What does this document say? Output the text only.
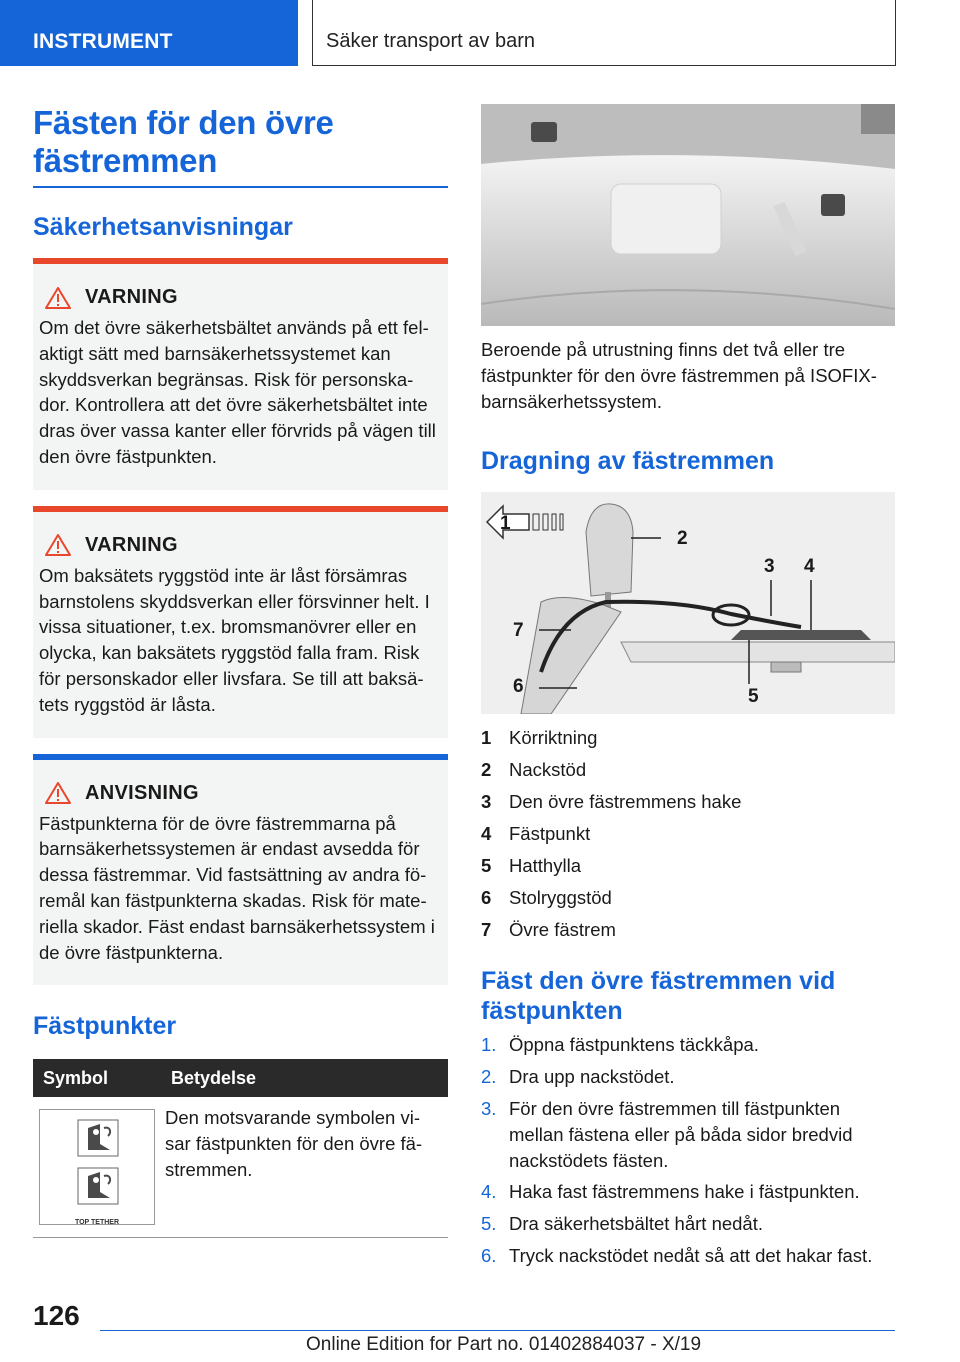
INSTRUMENT	Säker transport av barn
Fästen för den övre fästremmen
Säkerhetsanvisningar
VARNING
Om det övre säkerhetsbältet används på ett fel-aktigt sätt med barnsäkerhetssystemet kan skyddsverkan begränsas. Risk för personska-dor. Kontrollera att det övre säkerhetsbältet inte dras över vassa kanter eller förvrids på vägen till den övre fästpunkten.
VARNING
Om baksätets ryggstöd inte är låst försämras barnstolens skyddsverkan eller försvinner helt. I vissa situationer, t.ex. bromsmanövrer eller en olycka, kan baksätets ryggstöd falla fram. Risk för personskador eller livsfara. Se till att baksä-tets ryggstöd är låsta.
ANVISNING
Fästpunkterna för de övre fästremmarna på barnsäkerhetssystemen är endast avsedda för dessa fästremmar. Vid fastsättning av andra fö-remål kan fästpunkterna skadas. Risk för mate-riella skador. Fäst endast barnsäkerhetssystem i de övre fästpunkterna.
Fästpunkter
Symbol	Betydelse

TOP TETHER	Den motsvarande symbolen vi-sar fästpunkten för den övre fä-stremmen.

Beroende på utrustning finns det två eller tre fästpunkter för den övre fästremmen på ISOFIX-barnsäkerhetssystem.

Dragning av fästremmen
1
2
3 4
5
6
7
1 Körriktning
2 Nackstöd
3 Den övre fästremmens hake
4 Fästpunkt
5 Hatthylla
6 Stolryggstöd
7 Övre fästrem
Fäst den övre fästremmen vid fästpunkten
1. Öppna fästpunktens täckkåpa.
2. Dra upp nackstödet.
3. För den övre fästremmen till fästpunkten mellan fästena eller på båda sidor bredvid nackstödets fästen.
4. Haka fast fästremmens hake i fästpunkten.
5. Dra säkerhetsbältet hårt nedåt.
6. Tryck nackstödet nedåt så att det hakar fast.
126
Online Edition for Part no. 01402884037 - X/19
